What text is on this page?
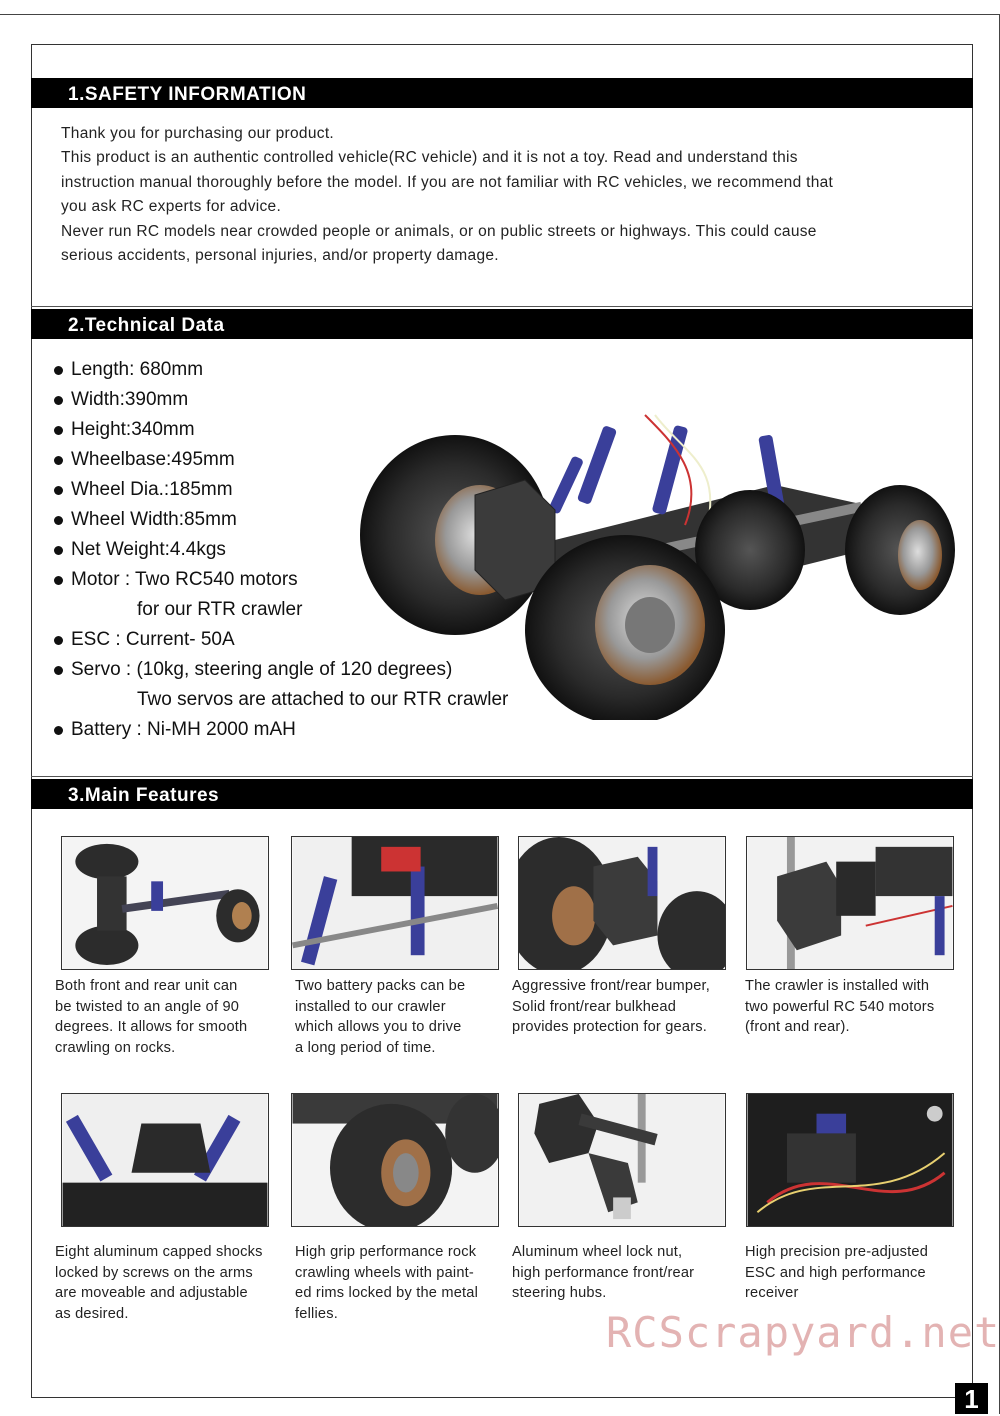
1.SAFETY INFORMATION

Thank you for purchasing our product.

This product is an authentic controlled vehicle(RC vehicle) and it is not a toy. Read and understand this

instruction manual thoroughly before the model. If you are not familiar with RC vehicles, we recommend that

you ask RC experts for advice.

Never run RC models near crowded people or animals, or on public streets or highways. This could cause

serious accidents, personal injuries, and/or property damage.

2.Technical Data
Length: 680mm
Width:390mm
Height:340mm
Wheelbase:495mm
Wheel Dia.:185mm
Wheel Width:85mm
Net Weight:4.4kgs
Motor : Two RC540 motors
for our RTR crawler
ESC : Current- 50A
Servo : (10kg, steering angle of 120 degrees)
Two servos are attached to our RTR crawler
Battery : Ni-MH 2000 mAH
3.Main Features
Both front and rear unit can
be twisted to an angle of 90
degrees. It allows for smooth
crawling on rocks.
Two battery packs can be
installed to our crawler
which allows you to drive
a long period of time.
Aggressive front/rear bumper,
Solid front/rear bulkhead
provides protection for gears.
The crawler is installed with
two powerful RC 540 motors
(front and rear).
Eight aluminum capped shocks
locked by screws on the arms
are moveable and adjustable
as desired.
High grip performance rock
crawling wheels with paint-
ed rims locked by the metal
fellies.
Aluminum wheel lock nut,
high performance front/rear
steering hubs.
High precision pre-adjusted
ESC and high performance
receiver
RCScrapyard.net
1
